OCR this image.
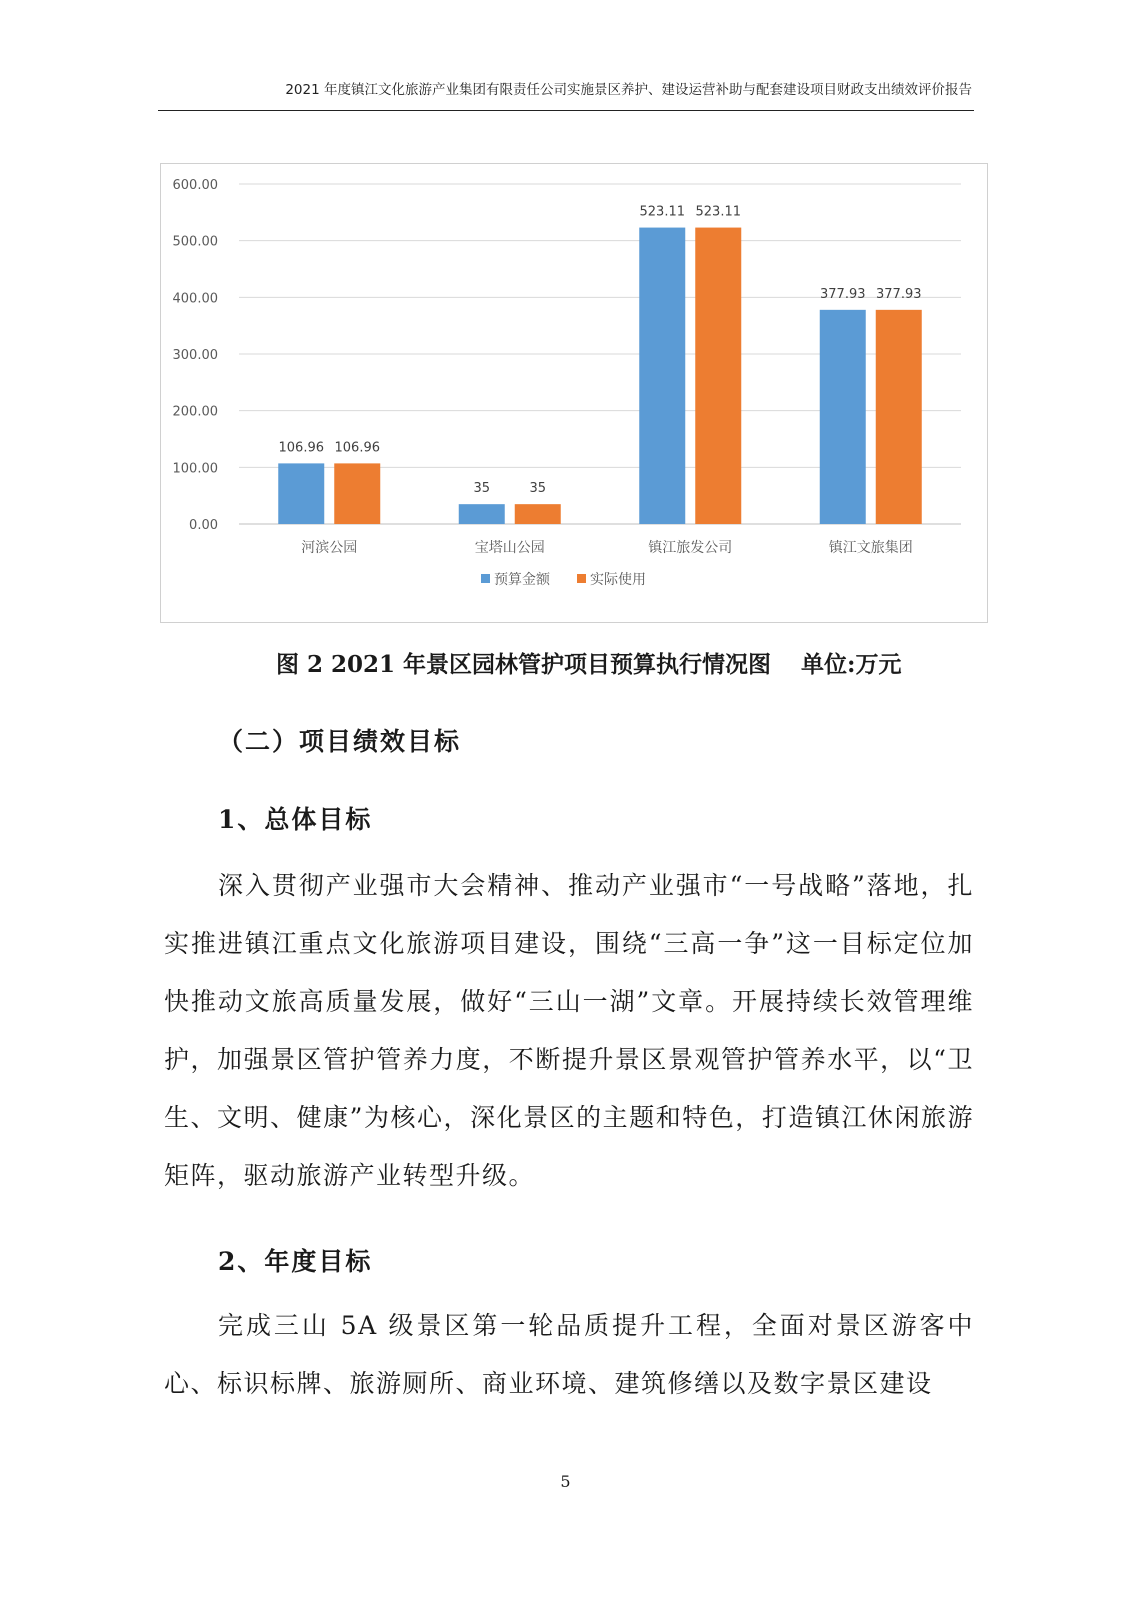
2021 年度镇江文化旅游产业集团有限责任公司实施景区养护、建设运营补助与配套建设项目财政支出绩效评价报告
0.00
100.00
200.00
300.00
400.00
500.00
600.00
106.96 106.96
河滨公园
35	35
宝塔山公园
523.11 523.11
镇江旅发公司
377.93 377.93
镇江文旅集团
预算金额	实际使用
图 2 2021 年景区园林管护项目预算执行情况图 单位:万元
（二）项目绩效目标
1、总体目标
深入贯彻产业强市大会精神、推动产业强市“一号战略”落地，扎实推进镇江重点文化旅游项目建设，围绕“三高一争”这一目标定位加快推动文旅高质量发展，做好“三山一湖”文章。开展持续长效管理维护，加强景区管护管养力度，不断提升景区景观管护管养水平，以“卫生、文明、健康”为核心，深化景区的主题和特色，打造镇江休闲旅游矩阵，驱动旅游产业转型升级。
2、年度目标
完成三山 5A 级景区第一轮品质提升工程，全面对景区游客中心、标识标牌、旅游厕所、商业环境、建筑修缮以及数字景区建设
5
